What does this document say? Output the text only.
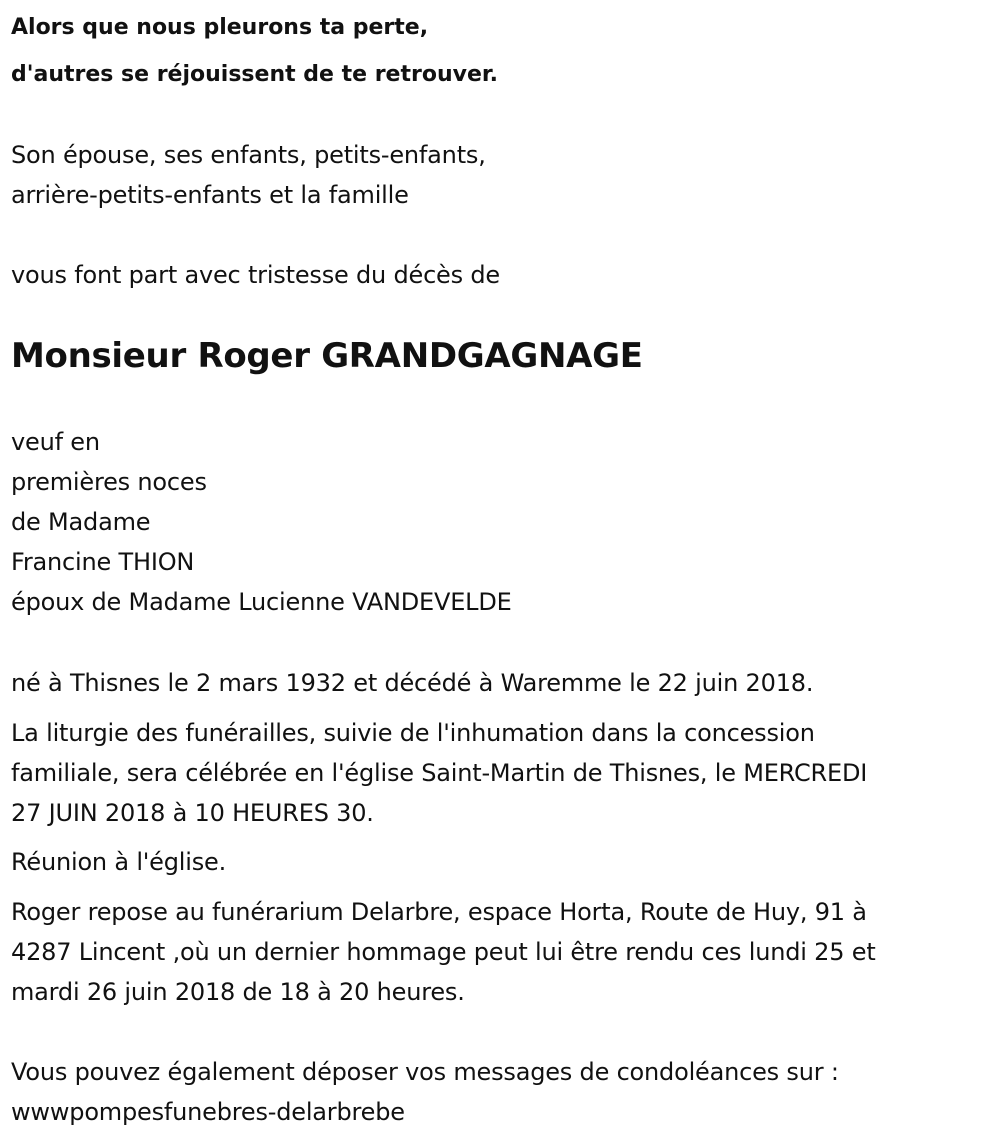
Alors que nous pleurons ta perte,
d'autres se réjouissent de te retrouver.
Son épouse, ses enfants, petits-enfants,
arrière-petits-enfants et la famille
vous font part avec tristesse du décès de
Monsieur Roger GRANDGAGNAGE
veuf en
premières noces
de Madame
Francine THION
époux de Madame Lucienne VANDEVELDE
né à Thisnes le 2 mars 1932 et décédé à Waremme le 22 juin 2018.
La liturgie des funérailles, suivie de l'inhumation dans la concession
familiale, sera célébrée en l'église Saint-Martin de Thisnes, le MERCREDI
27 JUIN 2018 à 10 HEURES 30.
Réunion à l'église.
Roger repose au funérarium Delarbre, espace Horta, Route de Huy, 91 à
4287 Lincent ,où un dernier hommage peut lui être rendu ces lundi 25 et
mardi 26 juin 2018 de 18 à 20 heures.
Vous pouvez également déposer vos messages de condoléances sur :
wwwpompesfunebres-delarbrebe
